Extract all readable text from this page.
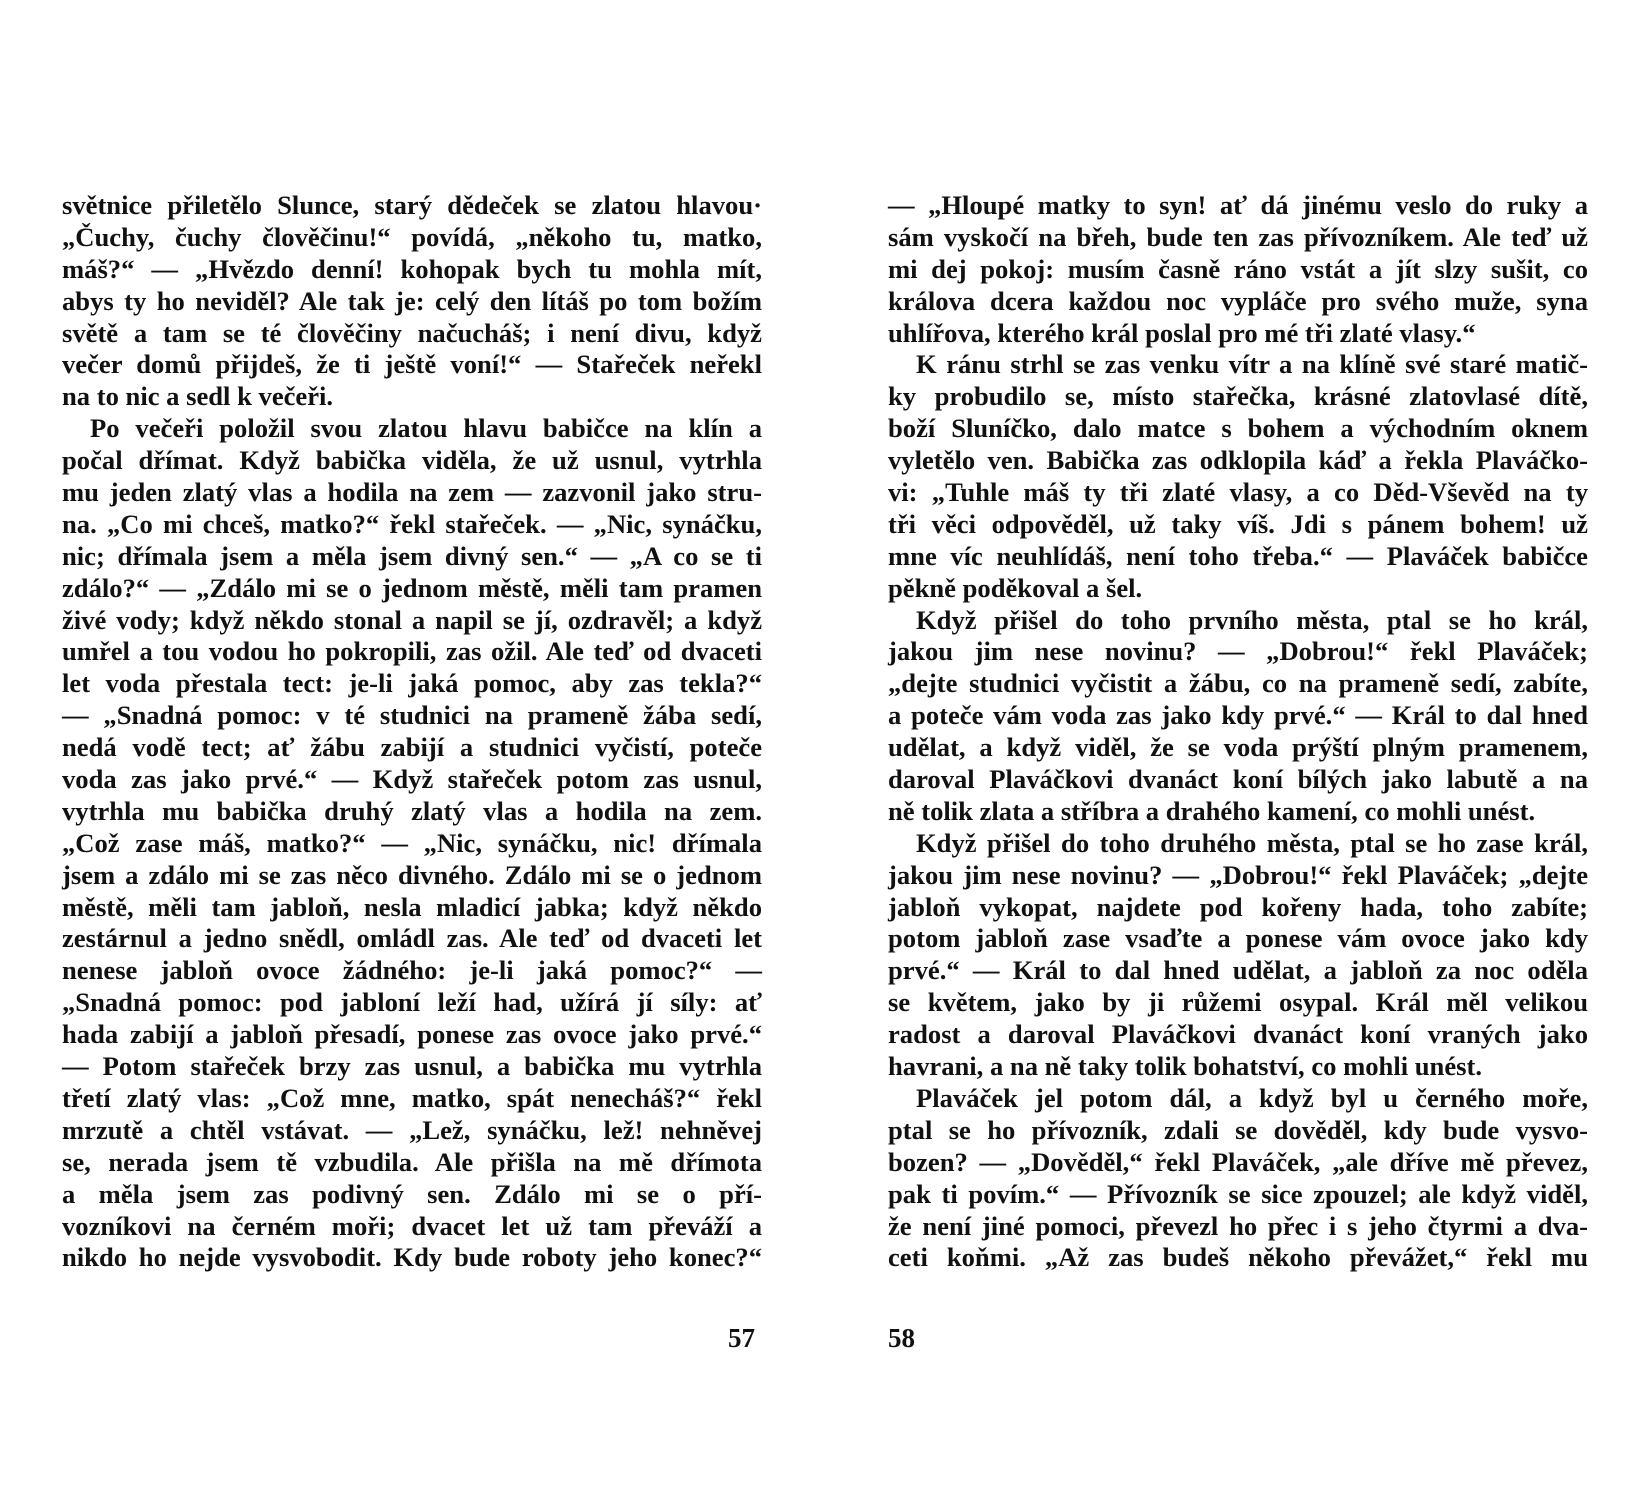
světnice přiletělo Slunce, starý dědeček se zlatou hlavou·
„Čuchy, čuchy člověčinu!“ povídá, „někoho tu, matko,
máš?“ — „Hvězdo denní! kohopak bych tu mohla mít,
abys ty ho neviděl? Ale tak je: celý den lítáš po tom božím
světě a tam se té člověčiny načucháš; i není divu, když
večer domů přijdeš, že ti ještě voní!“ — Stařeček neřekl
na to nic a sedl k večeři.
Po večeři položil svou zlatou hlavu babičce na klín a
počal dřímat. Když babička viděla, že už usnul, vytrhla
mu jeden zlatý vlas a hodila na zem — zazvonil jako stru-
na. „Co mi chceš, matko?“ řekl stařeček. — „Nic, synáčku,
nic; dřímala jsem a měla jsem divný sen.“ — „A co se ti
zdálo?“ — „Zdálo mi se o jednom městě, měli tam pramen
živé vody; když někdo stonal a napil se jí, ozdravěl; a když
umřel a tou vodou ho pokropili, zas ožil. Ale teď od dvaceti
let voda přestala tect: je-li jaká pomoc, aby zas tekla?“
— „Snadná pomoc: v té studnici na prameně žába sedí,
nedá vodě tect; ať žábu zabijí a studnici vyčistí, poteče
voda zas jako prvé.“ — Když stařeček potom zas usnul,
vytrhla mu babička druhý zlatý vlas a hodila na zem.
„Což zase máš, matko?“ — „Nic, synáčku, nic! dřímala
jsem a zdálo mi se zas něco divného. Zdálo mi se o jednom
městě, měli tam jabloň, nesla mladicí jabka; když někdo
zestárnul a jedno snědl, omládl zas. Ale teď od dvaceti let
nenese jabloň ovoce žádného: je-li jaká pomoc?“ —
„Snadná pomoc: pod jabloní leží had, užírá jí síly: ať
hada zabijí a jabloň přesadí, ponese zas ovoce jako prvé.“
— Potom stařeček brzy zas usnul, a babička mu vytrhla
třetí zlatý vlas: „Což mne, matko, spát nenecháš?“ řekl
mrzutě a chtěl vstávat. — „Lež, synáčku, lež! nehněvej
se, nerada jsem tě vzbudila. Ale přišla na mě dřímota
a měla jsem zas podivný sen. Zdálo mi se o pří-
vozníkovi na černém moři; dvacet let už tam převáží a
nikdo ho nejde vysvobodit. Kdy bude roboty jeho konec?“
— „Hloupé matky to syn! ať dá jinému veslo do ruky a
sám vyskočí na břeh, bude ten zas přívozníkem. Ale teď už
mi dej pokoj: musím časně ráno vstát a jít slzy sušit, co
králova dcera každou noc vypláče pro svého muže, syna
uhlířova, kterého král poslal pro mé tři zlaté vlasy.“
K ránu strhl se zas venku vítr a na klíně své staré matič-
ky probudilo se, místo stařečka, krásné zlatovlasé dítě,
boží Sluníčko, dalo matce s bohem a východním oknem
vyletělo ven. Babička zas odklopila káď a řekla Plaváčko-
vi: „Tuhle máš ty tři zlaté vlasy, a co Děd-Vševěd na ty
tři věci odpověděl, už taky víš. Jdi s pánem bohem! už
mne víc neuhlídáš, není toho třeba.“ — Plaváček babičce
pěkně poděkoval a šel.
Když přišel do toho prvního města, ptal se ho král,
jakou jim nese novinu? — „Dobrou!“ řekl Plaváček;
„dejte studnici vyčistit a žábu, co na prameně sedí, zabíte,
a poteče vám voda zas jako kdy prvé.“ — Král to dal hned
udělat, a když viděl, že se voda prýští plným pramenem,
daroval Plaváčkovi dvanáct koní bílých jako labutě a na
ně tolik zlata a stříbra a drahého kamení, co mohli unést.
Když přišel do toho druhého města, ptal se ho zase král,
jakou jim nese novinu? — „Dobrou!“ řekl Plaváček; „dejte
jabloň vykopat, najdete pod kořeny hada, toho zabíte;
potom jabloň zase vsaďte a ponese vám ovoce jako kdy
prvé.“ — Král to dal hned udělat, a jabloň za noc oděla
se květem, jako by ji růžemi osypal. Král měl velikou
radost a daroval Plaváčkovi dvanáct koní vraných jako
havrani, a na ně taky tolik bohatství, co mohli unést.
Plaváček jel potom dál, a když byl u černého moře,
ptal se ho přívozník, zdali se dověděl, kdy bude vysvo-
bozen? — „Dověděl,“ řekl Plaváček, „ale dříve mě převez,
pak ti povím.“ — Přívozník se sice zpouzel; ale když viděl,
že není jiné pomoci, převezl ho přec i s jeho čtyrmi a dva-
ceti koňmi. „Až zas budeš někoho převážet,“ řekl mu
57	58
